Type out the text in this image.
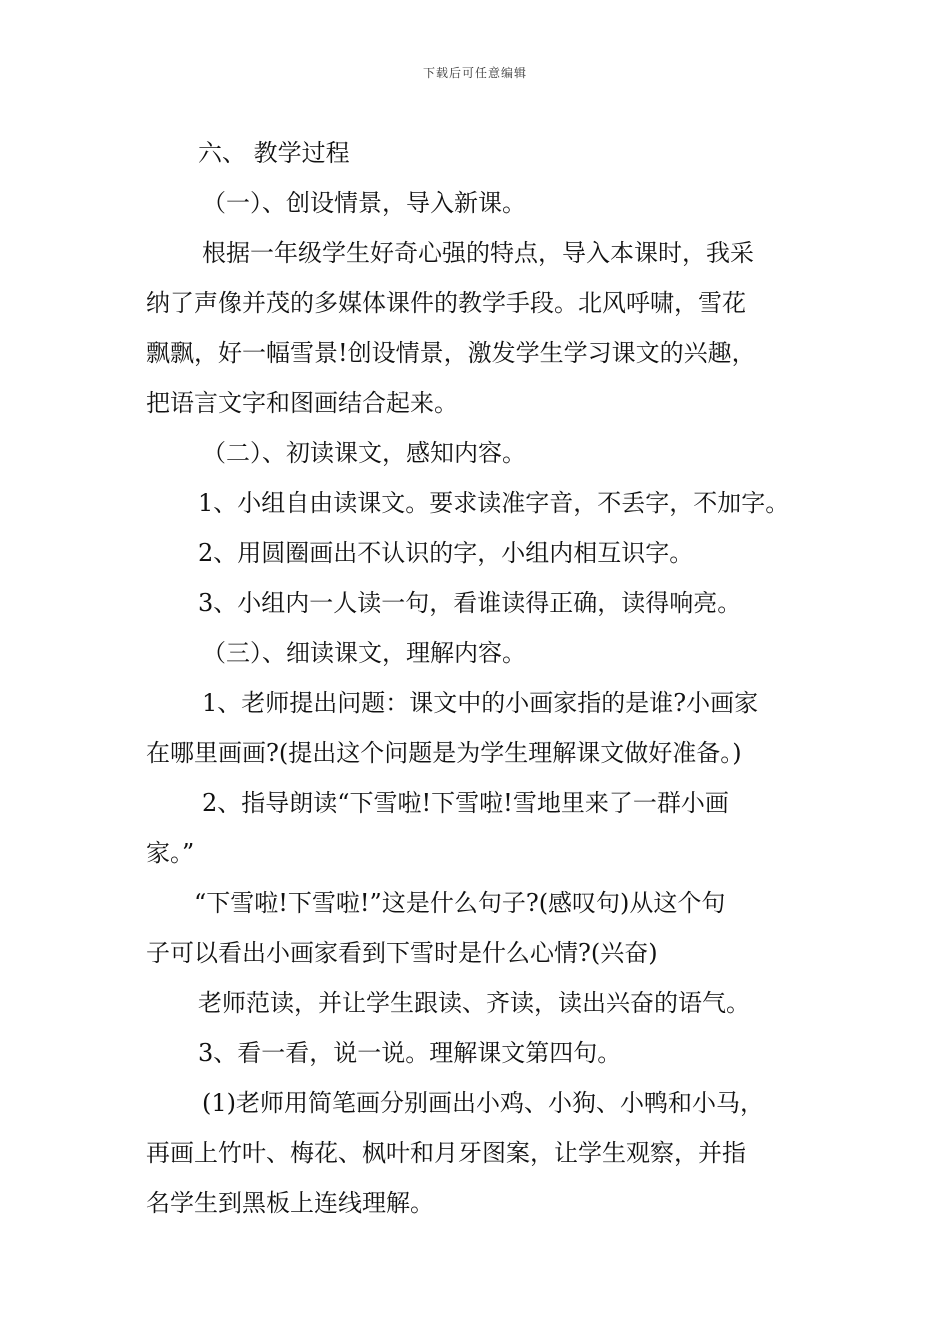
下载后可任意编辑
六、 教学过程
（一）、创设情景，导入新课。
根据一年级学生好奇心强的特点，导入本课时，我采
纳了声像并茂的多媒体课件的教学手段。北风呼啸，雪花
飘飘，好一幅雪景!创设情景，激发学生学习课文的兴趣，
把语言文字和图画结合起来。
（二）、初读课文，感知内容。
1、小组自由读课文。要求读准字音，不丢字，不加字。
2、用圆圈画出不认识的字，小组内相互识字。
3、小组内一人读一句，看谁读得正确，读得响亮。
（三）、细读课文，理解内容。
1、老师提出问题：课文中的小画家指的是谁?小画家
在哪里画画?(提出这个问题是为学生理解课文做好准备。)
2、指导朗读“下雪啦!下雪啦!雪地里来了一群小画
家。”
“下雪啦!下雪啦!”这是什么句子?(感叹句)从这个句
子可以看出小画家看到下雪时是什么心情?(兴奋)
老师范读，并让学生跟读、齐读，读出兴奋的语气。
3、看一看，说一说。理解课文第四句。
(1)老师用简笔画分别画出小鸡、小狗、小鸭和小马，
再画上竹叶、梅花、枫叶和月牙图案，让学生观察，并指
名学生到黑板上连线理解。
